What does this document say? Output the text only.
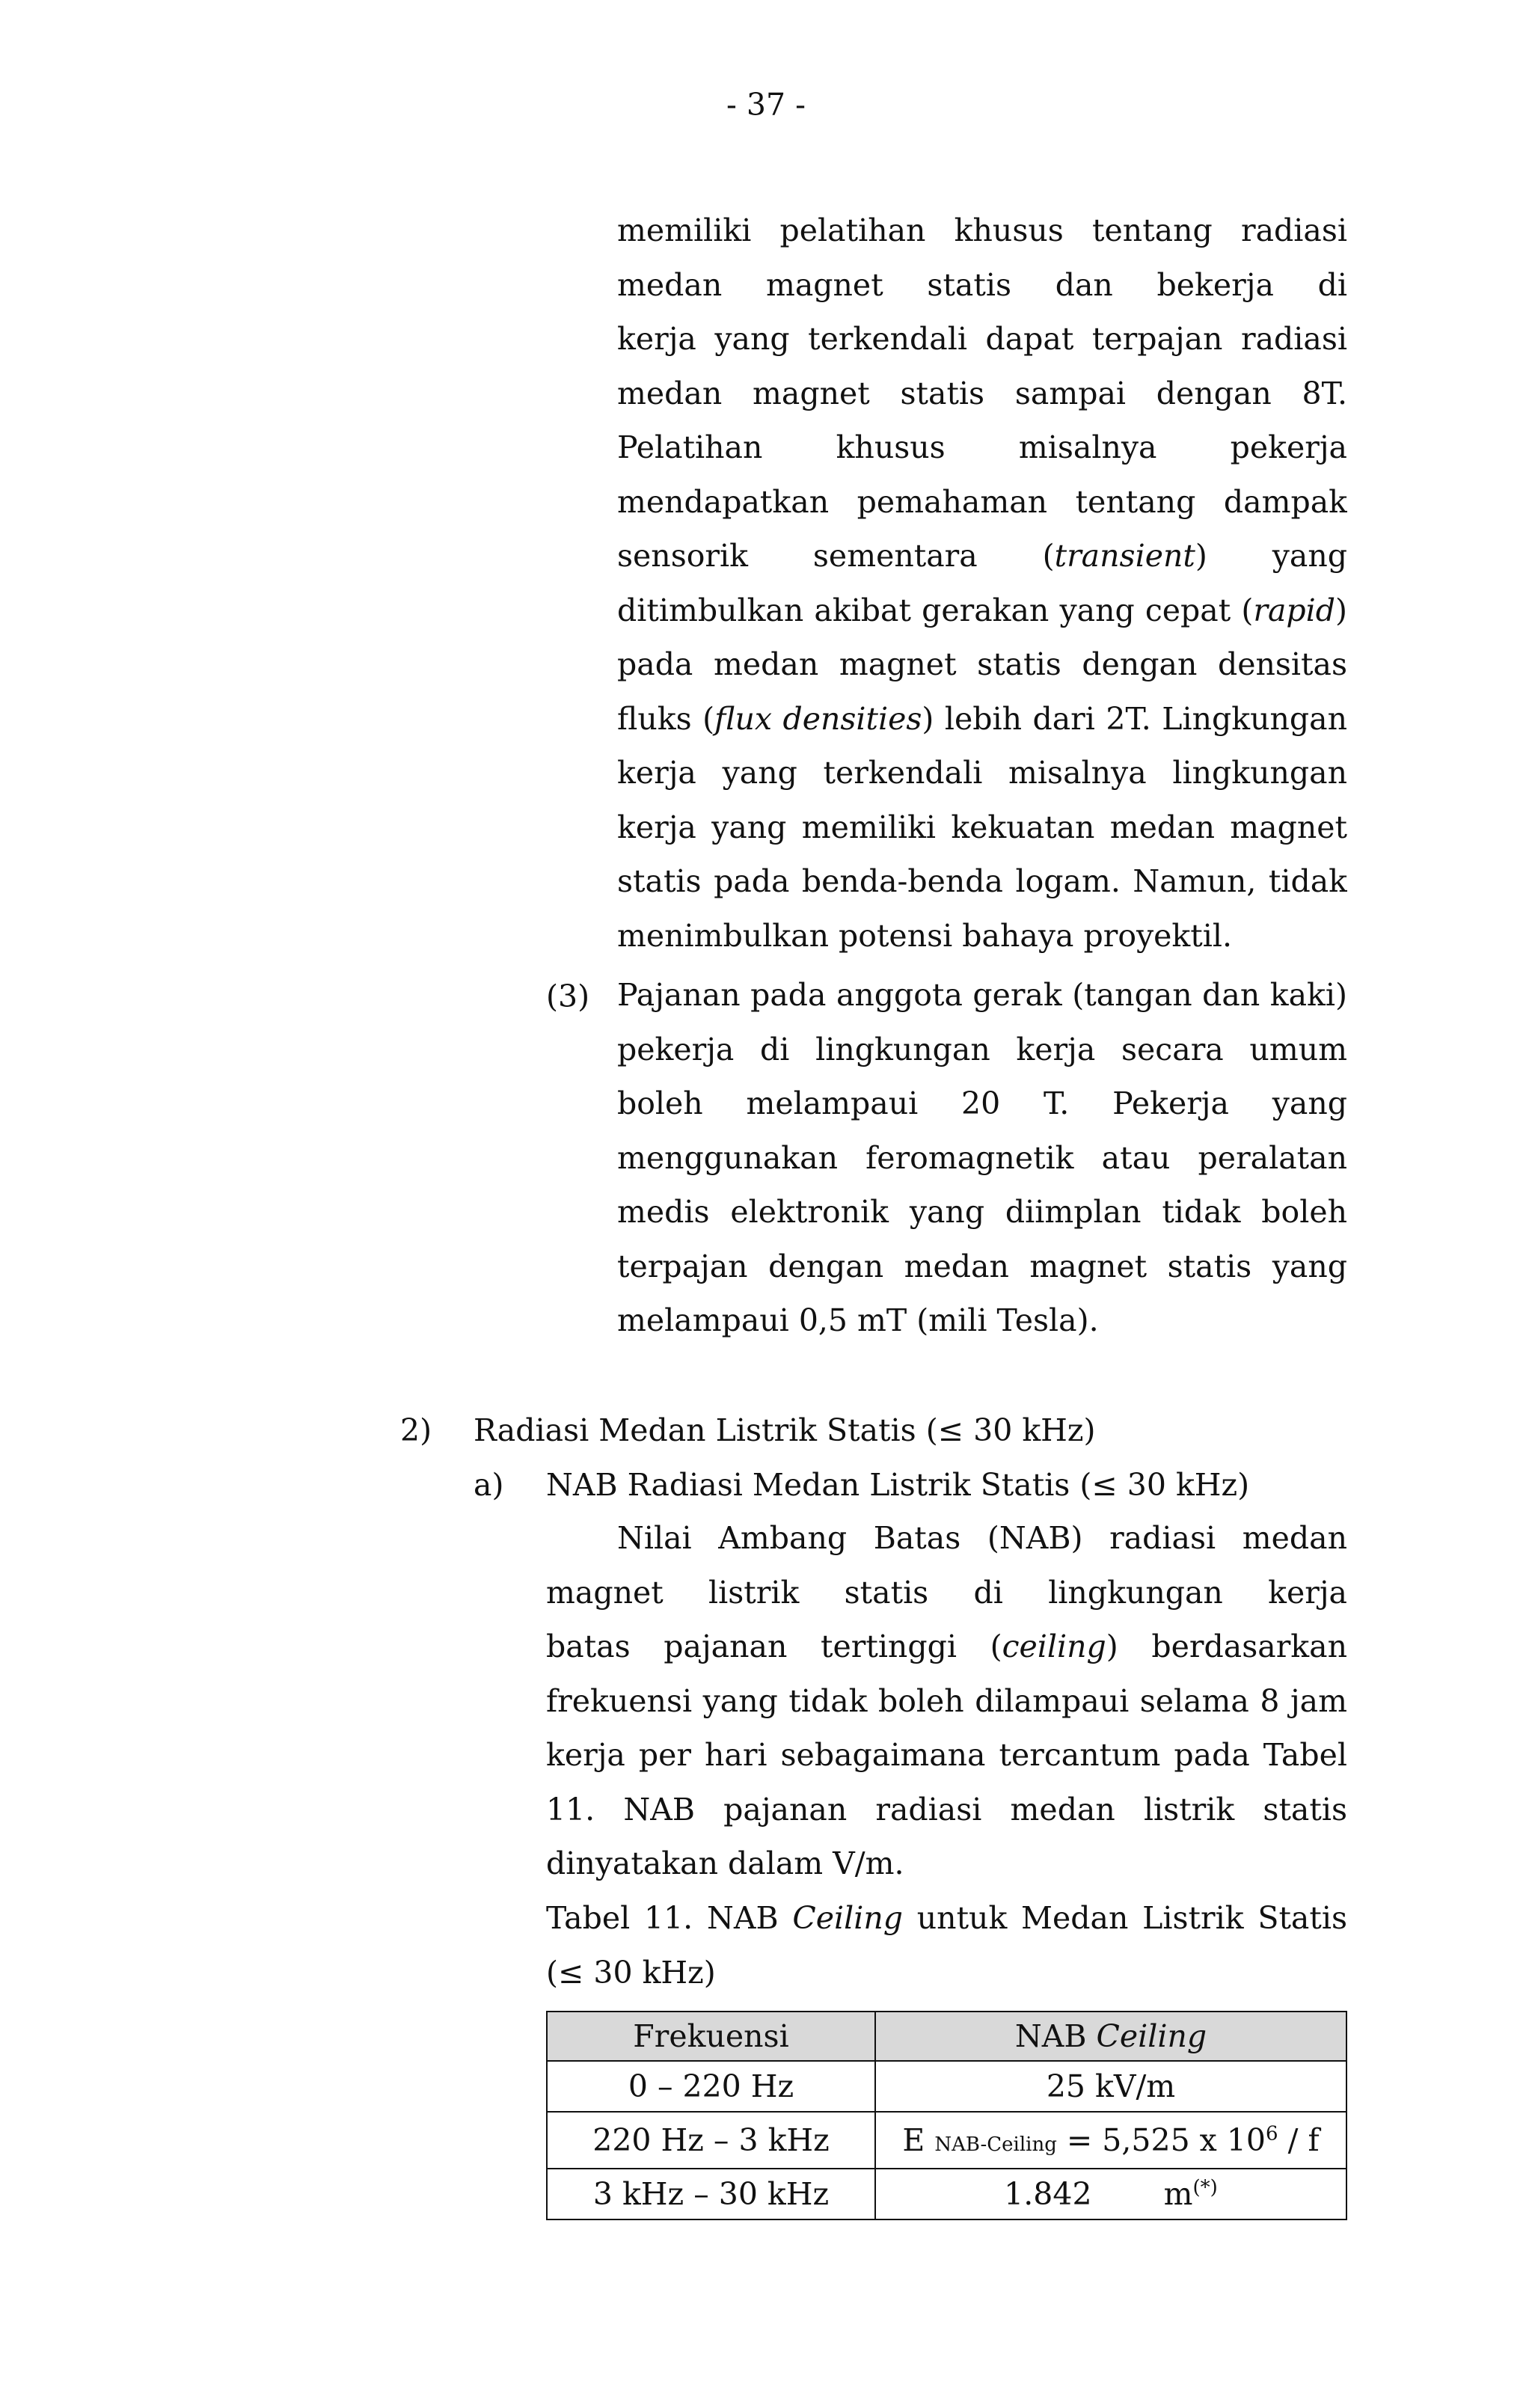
- 37 -
memiliki pelatihan khusus tentang radiasi
medan magnet statis dan bekerja di
kerja yang terkendali dapat terpajan radiasi
medan magnet statis sampai dengan 8T.
Pelatihan khusus misalnya pekerja
mendapatkan pemahaman tentang dampak
sensorik sementara (transient) yang
ditimbulkan akibat gerakan yang cepat (rapid)
pada medan magnet statis dengan densitas
fluks (flux densities) lebih dari 2T. Lingkungan
kerja yang terkendali misalnya lingkungan
kerja yang memiliki kekuatan medan magnet
statis pada benda-benda logam. Namun, tidak
menimbulkan potensi bahaya proyektil.
(3) Pajanan pada anggota gerak (tangan dan kaki)
pekerja di lingkungan kerja secara umum
boleh melampaui 20 T. Pekerja yang
menggunakan feromagnetik atau peralatan
medis elektronik yang diimplan tidak boleh
terpajan dengan medan magnet statis yang
melampaui 0,5 mT (mili Tesla).
2) Radiasi Medan Listrik Statis (≤ 30 kHz)
a) NAB Radiasi Medan Listrik Statis (≤ 30 kHz)
Nilai Ambang Batas (NAB) radiasi medan
magnet listrik statis di lingkungan kerja
batas pajanan tertinggi (ceiling) berdasarkan
frekuensi yang tidak boleh dilampaui selama 8 jam
kerja per hari sebagaimana tercantum pada Tabel
11. NAB pajanan radiasi medan listrik statis
dinyatakan dalam V/m.
Tabel 11. NAB Ceiling untuk Medan Listrik Statis
(≤ 30 kHz)
Frekuensi	NAB Ceiling
0 – 220 Hz	25 kV/m
220 Hz – 3 kHz	E NAB-Ceiling = 5,525 x $10^6$ / f
3 kHz – 30 kHz	1.842 m(*)
